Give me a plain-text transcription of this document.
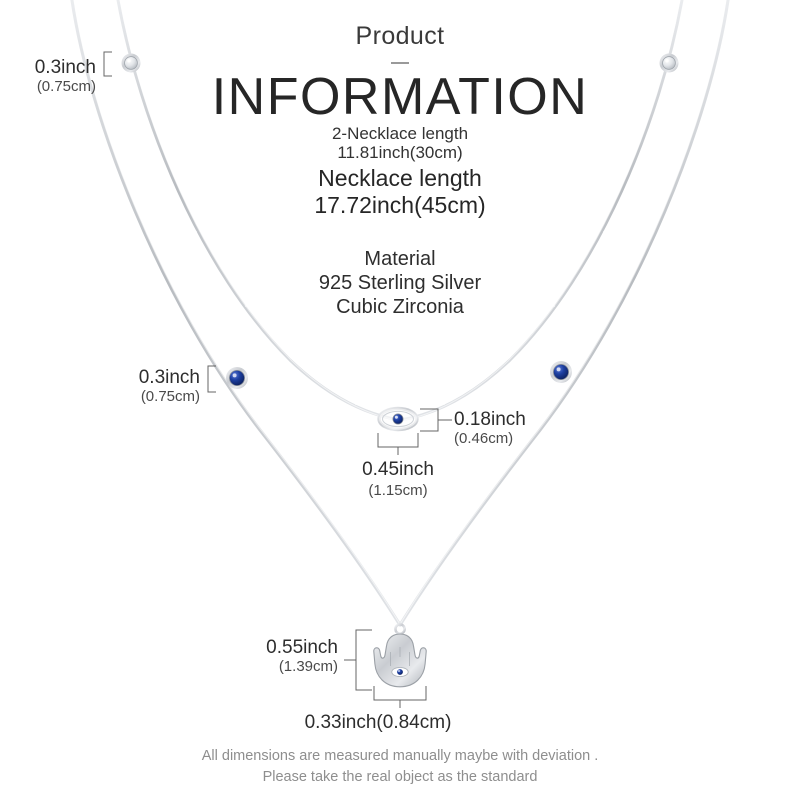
Product
INFORMATION
2-Necklace length
11.81inch(30cm)
Necklace length
17.72inch(45cm)
Material
925 Sterling Silver
Cubic Zirconia
0.3inch
(0.75cm)
0.3inch
(0.75cm)
0.18inch
(0.46cm)
0.45inch
(1.15cm)
0.55inch
(1.39cm)
0.33inch(0.84cm)
All dimensions are measured manually maybe with deviation .
Please take the real object as the standard
